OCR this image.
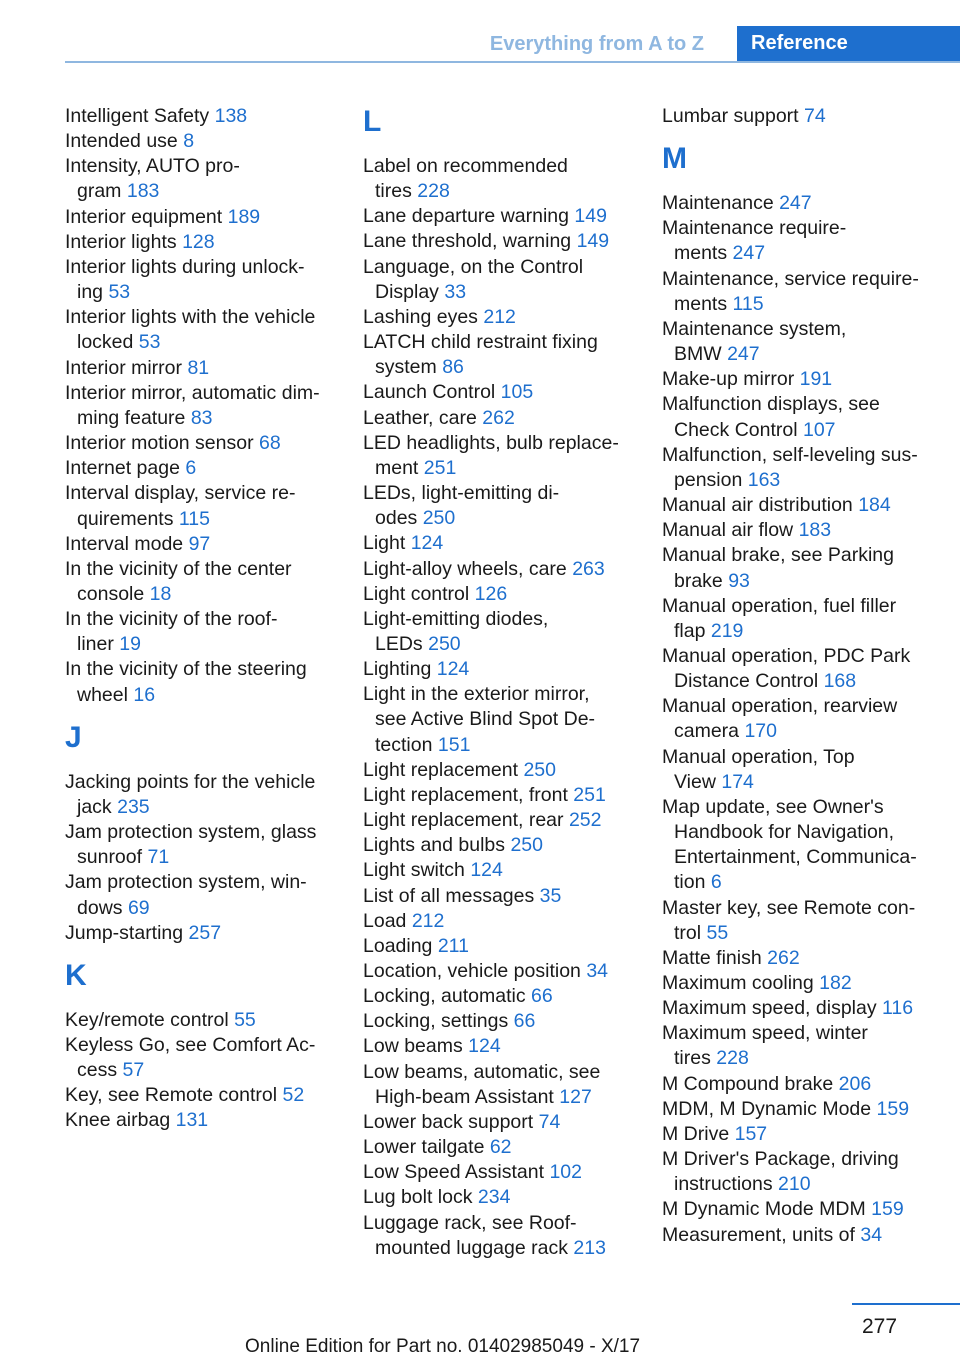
Everything from A to Z	Reference
Intelligent Safety 138
Intended use 8
Intensity, AUTO pro-
gram 183
Interior equipment 189
Interior lights 128
Interior lights during unlock-
ing 53
Interior lights with the vehicle
locked 53
Interior mirror 81
Interior mirror, automatic dim-
ming feature 83
Interior motion sensor 68
Internet page 6
Interval display, service re-
quirements 115
Interval mode 97
In the vicinity of the center
console 18
In the vicinity of the roof-
liner 19
In the vicinity of the steering
wheel 16
J
Jacking points for the vehicle
jack 235
Jam protection system, glass
sunroof 71
Jam protection system, win-
dows 69
Jump-starting 257
K
Key/remote control 55
Keyless Go, see Comfort Ac-
cess 57
Key, see Remote control 52
Knee airbag 131
L
Label on recommended
tires 228
Lane departure warning 149
Lane threshold, warning 149
Language, on the Control
Display 33
Lashing eyes 212
LATCH child restraint fixing
system 86
Launch Control 105
Leather, care 262
LED headlights, bulb replace-
ment 251
LEDs, light-emitting di-
odes 250
Light 124
Light-alloy wheels, care 263
Light control 126
Light-emitting diodes,
LEDs 250
Lighting 124
Light in the exterior mirror,
see Active Blind Spot De-
tection 151
Light replacement 250
Light replacement, front 251
Light replacement, rear 252
Lights and bulbs 250
Light switch 124
List of all messages 35
Load 212
Loading 211
Location, vehicle position 34
Locking, automatic 66
Locking, settings 66
Low beams 124
Low beams, automatic, see
High-beam Assistant 127
Lower back support 74
Lower tailgate 62
Low Speed Assistant 102
Lug bolt lock 234
Luggage rack, see Roof-
mounted luggage rack 213
Lumbar support 74
M
Maintenance 247
Maintenance require-
ments 247
Maintenance, service require-
ments 115
Maintenance system,
BMW 247
Make-up mirror 191
Malfunction displays, see
Check Control 107
Malfunction, self-leveling sus-
pension 163
Manual air distribution 184
Manual air flow 183
Manual brake, see Parking
brake 93
Manual operation, fuel filler
flap 219
Manual operation, PDC Park
Distance Control 168
Manual operation, rearview
camera 170
Manual operation, Top
View 174
Map update, see Owner's
Handbook for Navigation,
Entertainment, Communica-
tion 6
Master key, see Remote con-
trol 55
Matte finish 262
Maximum cooling 182
Maximum speed, display 116
Maximum speed, winter
tires 228
M Compound brake 206
MDM, M Dynamic Mode 159
M Drive 157
M Driver's Package, driving
instructions 210
M Dynamic Mode MDM 159
Measurement, units of 34
277
Online Edition for Part no. 01402985049 - X/17
